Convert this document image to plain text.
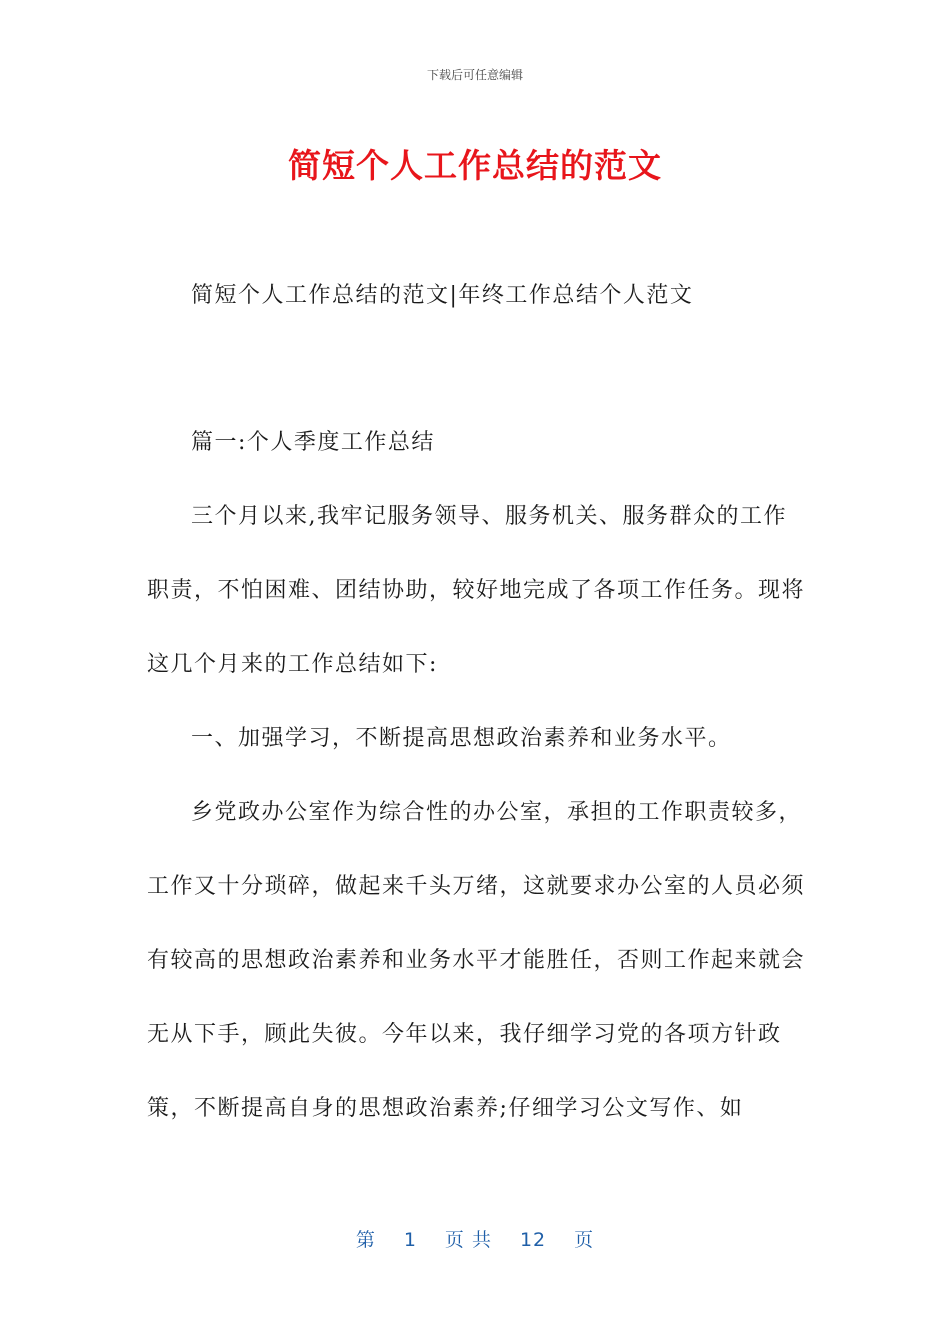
下载后可任意编辑
简短个人工作总结的范文

简短个人工作总结的范文|年终工作总结个人范文

篇一:个人季度工作总结

三个月以来,我牢记服务领导、服务机关、服务群众的工作职责，不怕困难、团结协助，较好地完成了各项工作任务。现将这几个月来的工作总结如下:

一、加强学习，不断提高思想政治素养和业务水平。

乡党政办公室作为综合性的办公室，承担的工作职责较多，工作又十分琐碎，做起来千头万绪，这就要求办公室的人员必须有较高的思想政治素养和业务水平才能胜任，否则工作起来就会无从下手，顾此失彼。今年以来，我仔细学习党的各项方针政策，不断提高自身的思想政治素养;仔细学习公文写作、如

第 1 页 共 12 页
